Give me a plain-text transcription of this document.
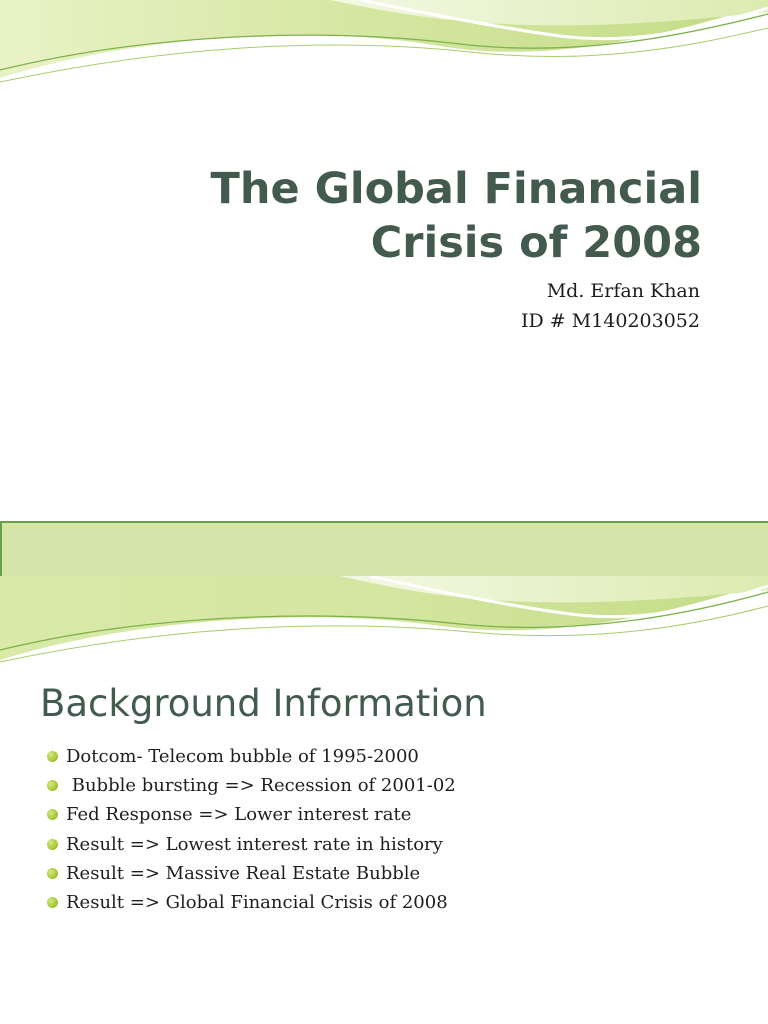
The Global Financial
Crisis of 2008
Md. Erfan Khan
ID # M140203052
Background Information
Dotcom- Telecom bubble of 1995-2000
Bubble bursting => Recession of 2001-02
Fed Response => Lower interest rate
Result => Lowest interest rate in history
Result => Massive Real Estate Bubble
Result => Global Financial Crisis of 2008
